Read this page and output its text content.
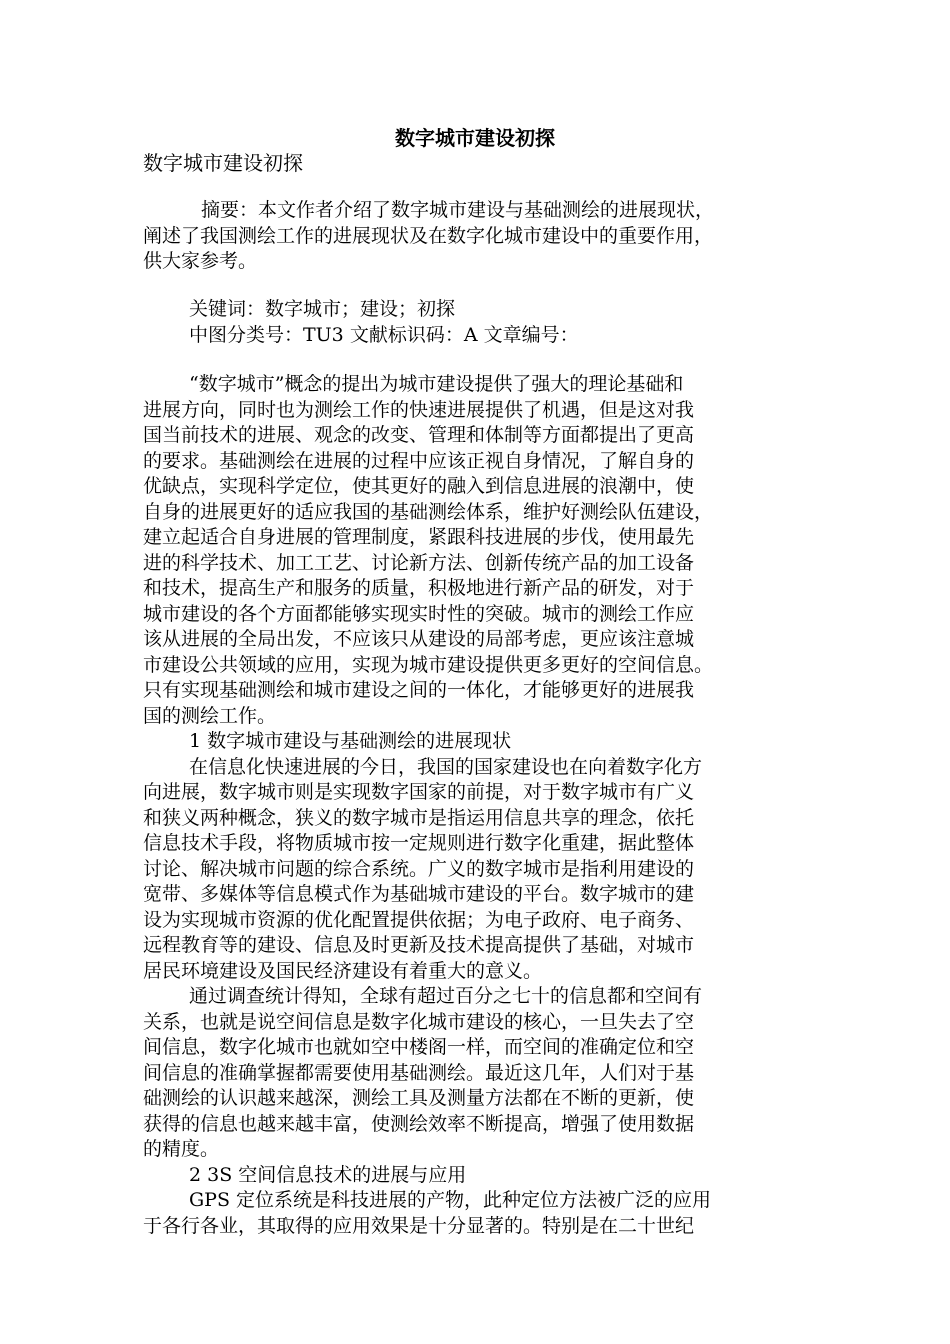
数字城市建设初探
数字城市建设初探
摘要：本文作者介绍了数字城市建设与基础测绘的进展现状，
阐述了我国测绘工作的进展现状及在数字化城市建设中的重要作用，
供大家参考。
关键词：数字城市；建设；初探
中图分类号：TU3 文献标识码：A 文章编号：
“数字城市”概念的提出为城市建设提供了强大的理论基础和
进展方向，同时也为测绘工作的快速进展提供了机遇，但是这对我
国当前技术的进展、观念的改变、管理和体制等方面都提出了更高
的要求。基础测绘在进展的过程中应该正视自身情况，了解自身的
优缺点，实现科学定位，使其更好的融入到信息进展的浪潮中，使
自身的进展更好的适应我国的基础测绘体系，维护好测绘队伍建设，
建立起适合自身进展的管理制度，紧跟科技进展的步伐，使用最先
进的科学技术、加工工艺、讨论新方法、创新传统产品的加工设备
和技术，提高生产和服务的质量，积极地进行新产品的研发，对于
城市建设的各个方面都能够实现实时性的突破。城市的测绘工作应
该从进展的全局出发，不应该只从建设的局部考虑，更应该注意城
市建设公共领域的应用，实现为城市建设提供更多更好的空间信息。
只有实现基础测绘和城市建设之间的一体化，才能够更好的进展我
国的测绘工作。
1 数字城市建设与基础测绘的进展现状
在信息化快速进展的今日，我国的国家建设也在向着数字化方
向进展，数字城市则是实现数字国家的前提，对于数字城市有广义
和狭义两种概念，狭义的数字城市是指运用信息共享的理念，依托
信息技术手段，将物质城市按一定规则进行数字化重建，据此整体
讨论、解决城市问题的综合系统。广义的数字城市是指利用建设的
宽带、多媒体等信息模式作为基础城市建设的平台。数字城市的建
设为实现城市资源的优化配置提供依据；为电子政府、电子商务、
远程教育等的建设、信息及时更新及技术提高提供了基础，对城市
居民环境建设及国民经济建设有着重大的意义。
通过调查统计得知，全球有超过百分之七十的信息都和空间有
关系，也就是说空间信息是数字化城市建设的核心，一旦失去了空
间信息，数字化城市也就如空中楼阁一样，而空间的准确定位和空
间信息的准确掌握都需要使用基础测绘。最近这几年，人们对于基
础测绘的认识越来越深，测绘工具及测量方法都在不断的更新，使
获得的信息也越来越丰富，使测绘效率不断提高，增强了使用数据
的精度。
2 3S 空间信息技术的进展与应用
GPS 定位系统是科技进展的产物，此种定位方法被广泛的应用
于各行各业，其取得的应用效果是十分显著的。特别是在二十世纪
